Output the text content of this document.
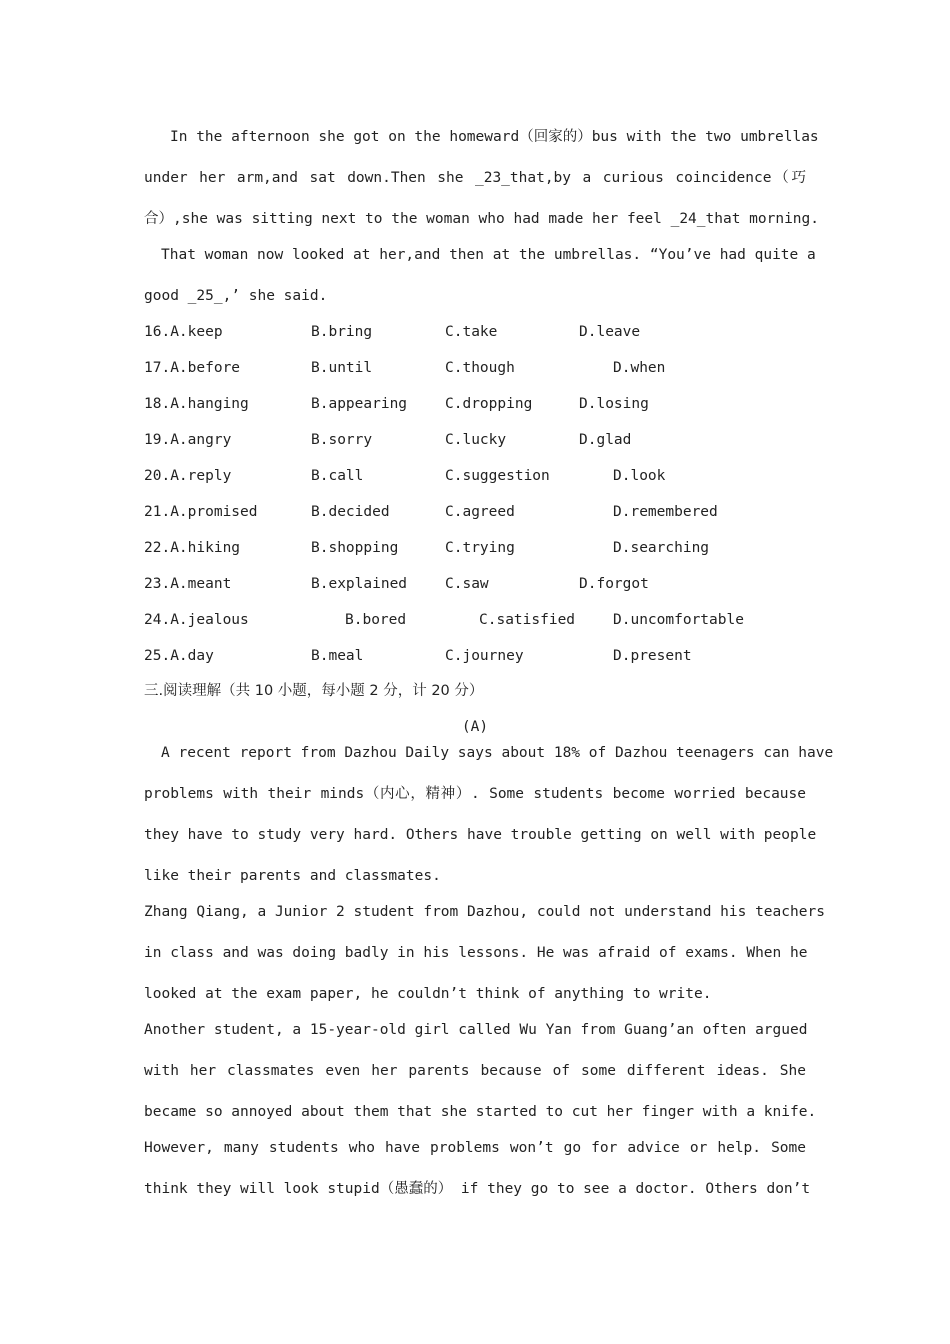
In the afternoon she got on the homeward（回家的）bus with the two umbrellas
under her arm,and sat down.Then she _23_that,by a curious coincidence（巧
合）,she was sitting next to the woman who had made her feel _24_that morning.
That woman now looked at her,and then at the umbrellas. “You’ve had quite a
good _25_,’ she said.
16.A.keep	B.bring	C.take	D.leave
17.A.before	B.until	C.though	D.when
18.A.hanging	B.appearing	C.dropping	D.losing
19.A.angry	B.sorry	C.lucky	D.glad
20.A.reply	B.call	C.suggestion	D.look
21.A.promised	B.decided	C.agreed	D.remembered
22.A.hiking	B.shopping	C.trying	D.searching
23.A.meant	B.explained	C.saw	D.forgot
24.A.jealous	B.bored	C.satisfied	D.uncomfortable
25.A.day	B.meal	C.journey	D.present
三.阅读理解（共 10 小题，每小题 2 分，计 20 分）
(A)
A recent report from Dazhou Daily says about 18% of Dazhou teenagers can have
problems with their minds（内心，精神）. Some students become worried because
they have to study very hard. Others have trouble getting on well with people
like their parents and classmates.
Zhang Qiang, a Junior 2 student from Dazhou, could not understand his teachers
in class and was doing badly in his lessons. He was afraid of exams. When he
looked at the exam paper, he couldn’t think of anything to write.
Another student, a 15-year-old girl called Wu Yan from Guang’an often argued
with her classmates even her parents because of some different ideas. She
became so annoyed about them that she started to cut her finger with a knife.
However, many students who have problems won’t go for advice or help. Some
think they will look stupid（愚蠢的） if they go to see a doctor. Others don’t
